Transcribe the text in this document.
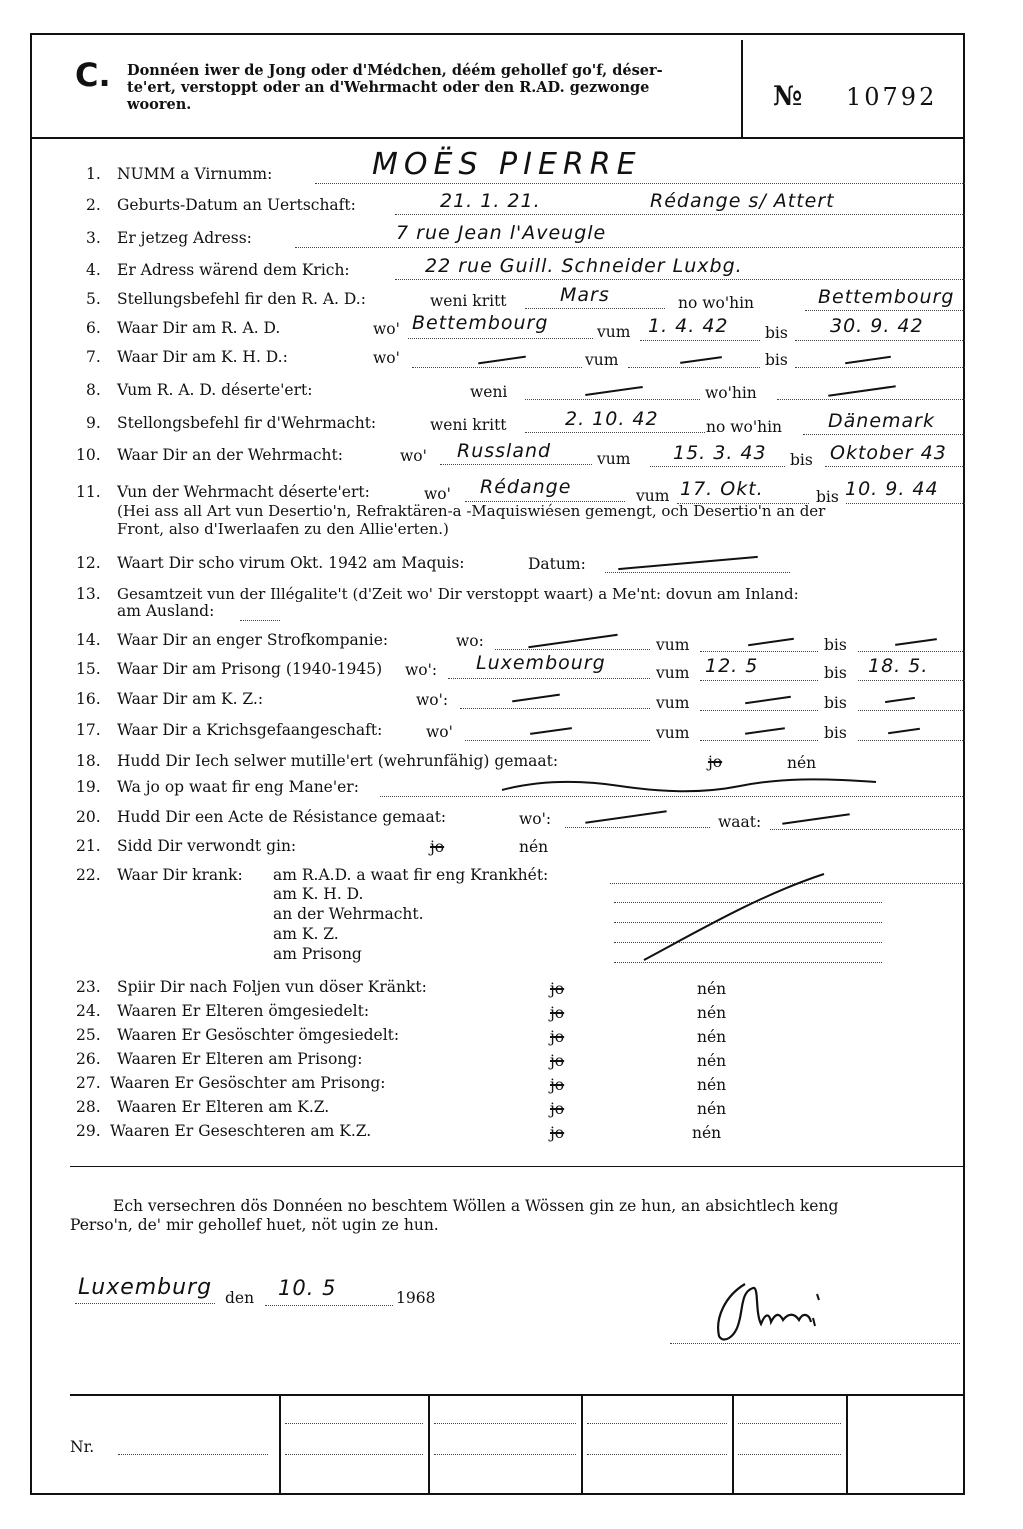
C. Donnéen iwer de Jong oder d'Médchen, déém gehollef go'f, déser-
te'ert, verstoppt oder an d'Wehrmacht oder den R.AD. gezwonge
wooren.	№ 10792
1. NUMM a Virnumm:	MOËS PIERRE
2. Geburts-Datum an Uertschaft:	21. 1. 21.	Rédange s/ Attert
3. Er jetzeg Adress:	7 rue Jean l'Aveugle
4. Er Adress wärend dem Krich:	22 rue Guill. Schneider Luxbg.
5. Stellungsbefehl fir den R. A. D.:	weni kritt	Mars	no wo'hin	Bettembourg
6. Waar Dir am R. A. D.	wo' Bettembourg	vum 1. 4. 42 bis 30. 9. 42
7. Waar Dir am K. H. D.:	wo'	vum	bis
8. Vum R. A. D. déserte'ert:	weni	wo'hin
9. Stellongsbefehl fir d'Wehrmacht:	weni kritt	2. 10. 42	no wo'hin Dänemark
10. Waar Dir an der Wehrmacht:	wo' Russland	vum 15. 3. 43 bis Oktober 43
11. Vun der Wehrmacht déserte'ert:	wo' Rédange	vum 17. Okt.	bis 10. 9. 44
(Hei ass all Art vun Desertio'n, Refraktären-a -Maquiswiésen gemengt, och Desertio'n an der
Front, also d'Iwerlaafen zu den Allie'erten.)
12. Waart Dir scho virum Okt. 1942 am Maquis:	Datum:
13. Gesamtzeit vun der Illégalite't (d'Zeit wo' Dir verstoppt waart) a Me'nt: dovun am Inland:
am Ausland:
14. Waar Dir an enger Strofkompanie:	wo:	vum	bis
15. Waar Dir am Prisong (1940-1945) wo': Luxembourg	vum 12. 5	bis 18. 5.
16. Waar Dir am K. Z.:	wo':	vum	bis
17. Waar Dir a Krichsgefaangeschaft:	wo'	vum	bis
18. Hudd Dir Iech selwer mutille'ert (wehrunfähig) gemaat:	jo	nén
19. Wa jo op waat fir eng Mane'er:
20. Hudd Dir een Acte de Résistance gemaat:	wo':	waat:
21. Sidd Dir verwondt gin:	jo	nén
22. Waar Dir krank: am R.A.D. a waat fir eng Krankhét:
am K. H. D.
an der Wehrmacht.
am K. Z.
am Prisong
23. Spiir Dir nach Foljen vun döser Kränkt:	jo	nén
24. Waaren Er Elteren ömgesiedelt:	jo	nén
25. Waaren Er Gesöschter ömgesiedelt:	jo	nén
26. Waaren Er Elteren am Prisong:	jo	nén
27. Waaren Er Gesöschter am Prisong:	jo	nén
28. Waaren Er Elteren am K.Z.	jo	nén
29. Waaren Er Geseschteren am K.Z.	jo	nén
Ech versechren dös Donnéen no beschtem Wöllen a Wössen gin ze hun, an absichtlech keng
Perso'n, de' mir gehollef huet, nöt ugin ze hun.
Luxemburg den 10. 5	1968
Nr.
